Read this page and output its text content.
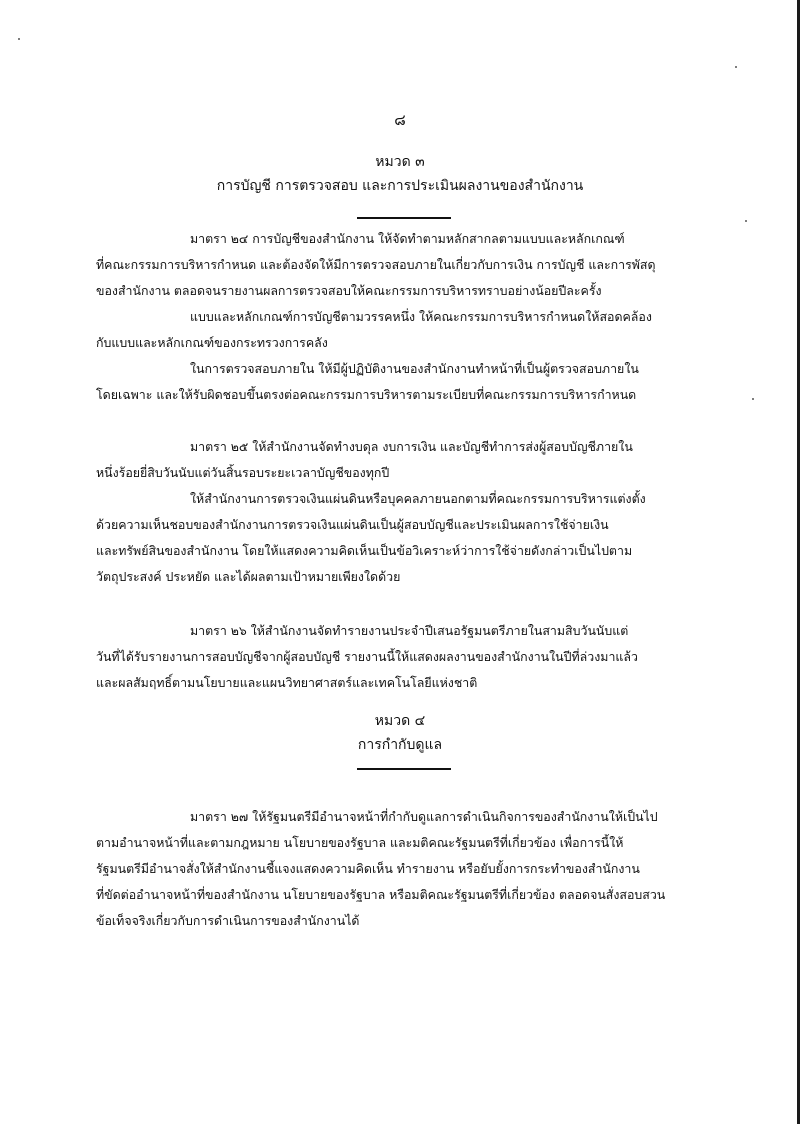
๘
หมวด ๓
การบัญชี การตรวจสอบ และการประเมินผลงานของสำนักงาน
มาตรา ๒๔ การบัญชีของสำนักงาน ให้จัดทำตามหลักสากลตามแบบและหลักเกณฑ์
ที่คณะกรรมการบริหารกำหนด และต้องจัดให้มีการตรวจสอบภายในเกี่ยวกับการเงิน การบัญชี และการพัสดุ
ของสำนักงาน ตลอดจนรายงานผลการตรวจสอบให้คณะกรรมการบริหารทราบอย่างน้อยปีละครั้ง
แบบและหลักเกณฑ์การบัญชีตามวรรคหนึ่ง ให้คณะกรรมการบริหารกำหนดให้สอดคล้อง
กับแบบและหลักเกณฑ์ของกระทรวงการคลัง
ในการตรวจสอบภายใน ให้มีผู้ปฏิบัติงานของสำนักงานทำหน้าที่เป็นผู้ตรวจสอบภายใน
โดยเฉพาะ และให้รับผิดชอบขึ้นตรงต่อคณะกรรมการบริหารตามระเบียบที่คณะกรรมการบริหารกำหนด
มาตรา ๒๕ ให้สำนักงานจัดทำงบดุล งบการเงิน และบัญชีทำการส่งผู้สอบบัญชีภายใน
หนึ่งร้อยยี่สิบวันนับแต่วันสิ้นรอบระยะเวลาบัญชีของทุกปี
ให้สำนักงานการตรวจเงินแผ่นดินหรือบุคคลภายนอกตามที่คณะกรรมการบริหารแต่งตั้ง
ด้วยความเห็นชอบของสำนักงานการตรวจเงินแผ่นดินเป็นผู้สอบบัญชีและประเมินผลการใช้จ่ายเงิน
และทรัพย์สินของสำนักงาน โดยให้แสดงความคิดเห็นเป็นข้อวิเคราะห์ว่าการใช้จ่ายดังกล่าวเป็นไปตาม
วัตถุประสงค์ ประหยัด และได้ผลตามเป้าหมายเพียงใดด้วย
มาตรา ๒๖ ให้สำนักงานจัดทำรายงานประจำปีเสนอรัฐมนตรีภายในสามสิบวันนับแต่
วันที่ได้รับรายงานการสอบบัญชีจากผู้สอบบัญชี รายงานนี้ให้แสดงผลงานของสำนักงานในปีที่ล่วงมาแล้ว
และผลสัมฤทธิ์ตามนโยบายและแผนวิทยาศาสตร์และเทคโนโลยีแห่งชาติ
หมวด ๔
การกำกับดูแล
มาตรา ๒๗ ให้รัฐมนตรีมีอำนาจหน้าที่กำกับดูแลการดำเนินกิจการของสำนักงานให้เป็นไป
ตามอำนาจหน้าที่และตามกฎหมาย นโยบายของรัฐบาล และมติคณะรัฐมนตรีที่เกี่ยวข้อง เพื่อการนี้ให้
รัฐมนตรีมีอำนาจสั่งให้สำนักงานชี้แจงแสดงความคิดเห็น ทำรายงาน หรือยับยั้งการกระทำของสำนักงาน
ที่ขัดต่ออำนาจหน้าที่ของสำนักงาน นโยบายของรัฐบาล หรือมติคณะรัฐมนตรีที่เกี่ยวข้อง ตลอดจนสั่งสอบสวน
ข้อเท็จจริงเกี่ยวกับการดำเนินการของสำนักงานได้
